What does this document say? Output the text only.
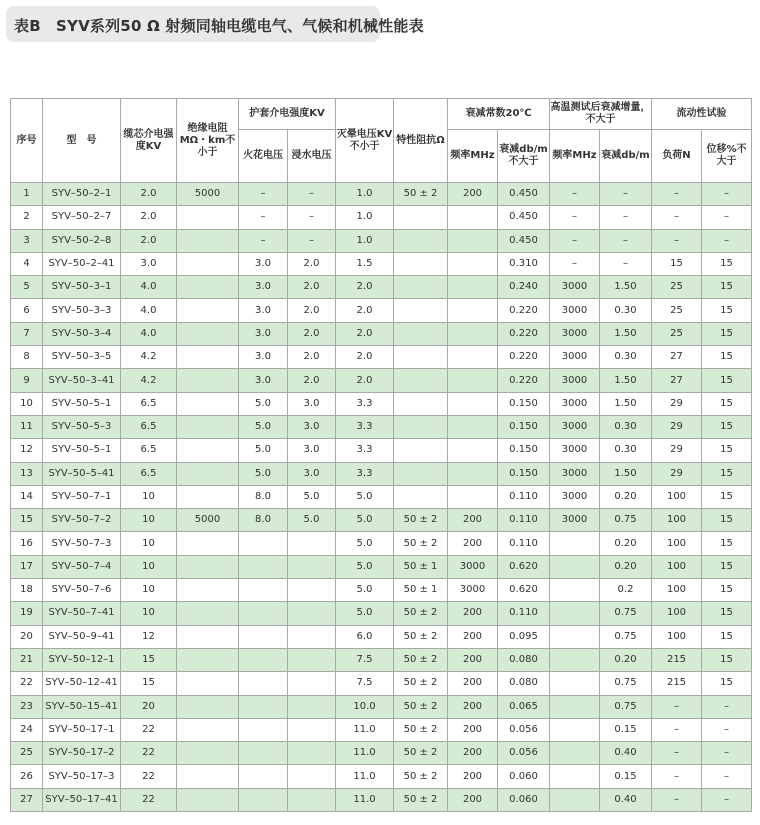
表B　SYV系列50 Ω 射频同轴电缆电气、气候和机械性能表
序号	型　号	缆芯介电强度KV	绝缘电阻MΩ・km不小于	护套介电强度KV		灭晕电压KV不小于	特性阻抗Ω	衰减常数20℃		高温测试后衰减增量，不大于		流动性试验	
				火花电压	浸水电压			频率MHz	衰减db/m不大于	频率MHz	衰减db/m	负荷N	位移%不大于
1	SYV–50–2–1	2.0	5000	–	–	1.0	50 ± 2	200	0.450	–	–	–	–
2	SYV–50–2–7	2.0		–	–	1.0			0.450	–	–	–	–
3	SYV–50–2–8	2.0		–	–	1.0			0.450	–	–	–	–
4	SYV–50–2–41	3.0		3.0	2.0	1.5			0.310	–	–	15	15
5	SYV–50–3–1	4.0		3.0	2.0	2.0			0.240	3000	1.50	25	15
6	SYV–50–3–3	4.0		3.0	2.0	2.0			0.220	3000	0.30	25	15
7	SYV–50–3–4	4.0		3.0	2.0	2.0			0.220	3000	1.50	25	15
8	SYV–50–3–5	4.2		3.0	2.0	2.0			0.220	3000	0.30	27	15
9	SYV–50–3–41	4.2		3.0	2.0	2.0			0.220	3000	1.50	27	15
10	SYV–50–5–1	6.5		5.0	3.0	3.3			0.150	3000	1.50	29	15
11	SYV–50–5–3	6.5		5.0	3.0	3.3			0.150	3000	0.30	29	15
12	SYV–50–5–1	6.5		5.0	3.0	3.3			0.150	3000	0.30	29	15
13	SYV–50–5–41	6.5		5.0	3.0	3.3			0.150	3000	1.50	29	15
14	SYV–50–7–1	10		8.0	5.0	5.0			0.110	3000	0.20	100	15
15	SYV–50–7–2	10	5000	8.0	5.0	5.0	50 ± 2	200	0.110	3000	0.75	100	15
16	SYV–50–7–3	10				5.0	50 ± 2	200	0.110		0.20	100	15
17	SYV–50–7–4	10				5.0	50 ± 1	3000	0.620		0.20	100	15
18	SYV–50–7–6	10				5.0	50 ± 1	3000	0.620		0.2	100	15
19	SYV–50–7–41	10				5.0	50 ± 2	200	0.110		0.75	100	15
20	SYV–50–9–41	12				6.0	50 ± 2	200	0.095		0.75	100	15
21	SYV–50–12–1	15				7.5	50 ± 2	200	0.080		0.20	215	15
22	SYV–50–12–41	15				7.5	50 ± 2	200	0.080		0.75	215	15
23	SYV–50–15–41	20				10.0	50 ± 2	200	0.065		0.75	–	–
24	SYV–50–17–1	22				11.0	50 ± 2	200	0.056		0.15	–	–
25	SYV–50–17–2	22				11.0	50 ± 2	200	0.056		0.40	–	–
26	SYV–50–17–3	22				11.0	50 ± 2	200	0.060		0.15	–	–
27	SYV–50–17–41	22				11.0	50 ± 2	200	0.060		0.40	–	–
